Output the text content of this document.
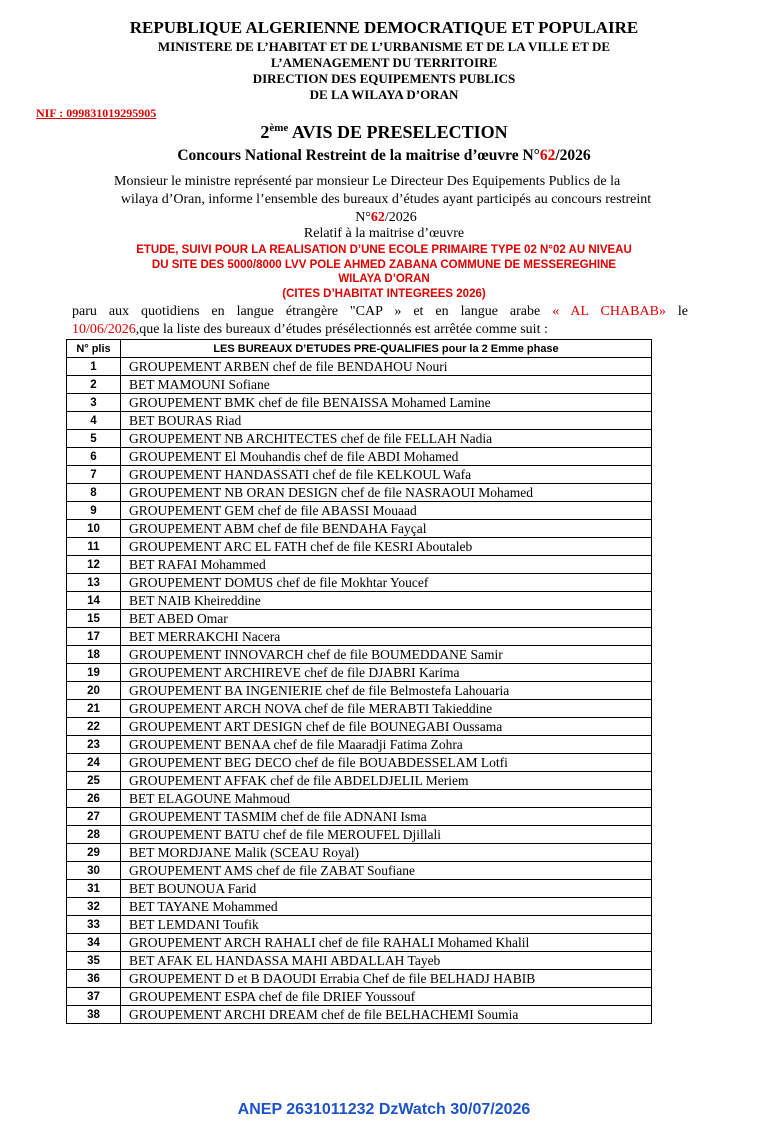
REPUBLIQUE ALGERIENNE DEMOCRATIQUE ET POPULAIRE
MINISTERE DE L’HABITAT ET DE L’URBANISME ET DE LA VILLE ET DE
L’AMENAGEMENT DU TERRITOIRE
DIRECTION DES EQUIPEMENTS PUBLICS
DE LA WILAYA D’ORAN
NIF : 099831019295905
2ème AVIS DE PRESELECTION
Concours National Restreint de la maitrise d’œuvre N°62/2026

Monsieur le ministre représenté par monsieur Le Directeur Des Equipements Publics de la

wilaya d’Oran, informe l’ensemble des bureaux d’études ayant participés au concours restreint

N°62/2026

Relatif à la maitrise d’œuvre
ETUDE, SUIVI POUR LA REALISATION D’UNE ECOLE PRIMAIRE TYPE 02 N°02 AU NIVEAU
DU SITE DES 5000/8000 LVV POLE AHMED ZABANA COMMUNE DE MESSEREGHINE
WILAYA D’ORAN
(CITES D’HABITAT INTEGREES 2026)

paru aux quotidiens en langue étrangère "CAP » et en langue arabe « AL CHABAB» le

10/06/2026,que la liste des bureaux d’études présélectionnés est arrêtée comme suit :

N° plis	LES BUREAUX D’ETUDES PRE-QUALIFIES pour la 2 Emme phase
1	GROUPEMENT ARBEN chef de file BENDAHOU Nouri
2	BET MAMOUNI Sofiane
3	GROUPEMENT BMK chef de file BENAISSA Mohamed Lamine
4	BET BOURAS Riad
5	GROUPEMENT NB ARCHITECTES chef de file FELLAH Nadia
6	GROUPEMENT El Mouhandis chef de file ABDI Mohamed
7	GROUPEMENT HANDASSATI chef de file KELKOUL Wafa
8	GROUPEMENT NB ORAN DESIGN chef de file NASRAOUI Mohamed
9	GROUPEMENT GEM chef de file ABASSI Mouaad
10	GROUPEMENT ABM chef de file BENDAHA Fayçal
11	GROUPEMENT ARC EL FATH chef de file KESRI Aboutaleb
12	BET RAFAI Mohammed
13	GROUPEMENT DOMUS chef de file Mokhtar Youcef
14	BET NAIB Kheireddine
15	BET ABED Omar
17	BET MERRAKCHI Nacera
18	GROUPEMENT INNOVARCH chef de file BOUMEDDANE Samir
19	GROUPEMENT ARCHIREVE chef de file DJABRI Karima
20	GROUPEMENT BA INGENIERIE chef de file Belmostefa Lahouaria
21	GROUPEMENT ARCH NOVA chef de file MERABTI Takieddine
22	GROUPEMENT ART DESIGN chef de file BOUNEGABI Oussama
23	GROUPEMENT BENAA chef de file Maaradji Fatima Zohra
24	GROUPEMENT BEG DECO chef de file BOUABDESSELAM Lotfi
25	GROUPEMENT AFFAK chef de file ABDELDJELIL Meriem
26	BET ELAGOUNE Mahmoud
27	GROUPEMENT TASMIM chef de file ADNANI Isma
28	GROUPEMENT BATU chef de file MEROUFEL Djillali
29	BET MORDJANE Malik (SCEAU Royal)
30	GROUPEMENT AMS chef de file ZABAT Soufiane
31	BET BOUNOUA Farid
32	BET TAYANE Mohammed
33	BET LEMDANI Toufik
34	GROUPEMENT ARCH RAHALI chef de file RAHALI Mohamed Khalil
35	BET AFAK EL HANDASSA MAHI ABDALLAH Tayeb
36	GROUPEMENT D et B DAOUDI Errabia Chef de file BELHADJ HABIB
37	GROUPEMENT ESPA chef de file DRIEF Youssouf
38	GROUPEMENT ARCHI DREAM chef de file BELHACHEMI Soumia
ANEP 2631011232 DzWatch 30/07/2026
